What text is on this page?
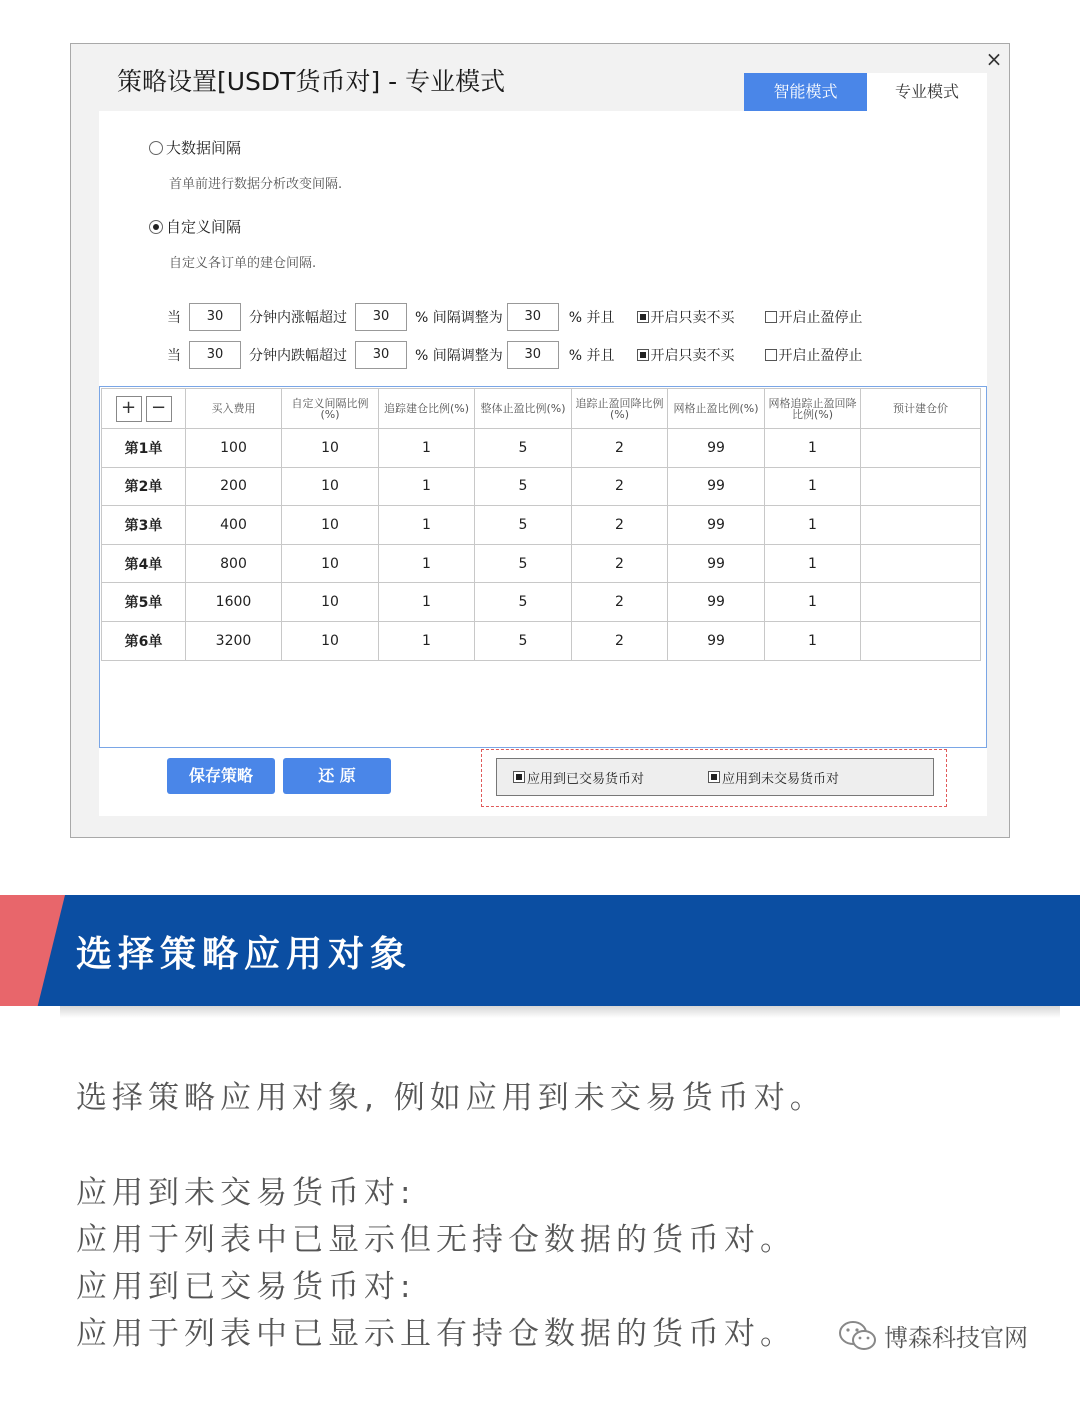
策略设置[USDT货币对] - 专业模式
×
智能模式	专业模式
大数据间隔
首单前进行数据分析改变间隔.
自定义间隔
自定义各订单的建仓间隔.
当	30	分钟内涨幅超过	30	% 间隔调整为	30	% 并且	开启只卖不买	开启止盈停止
当	30	分钟内跌幅超过	30	% 间隔调整为	30	% 并且	开启只卖不买	开启止盈停止
+ −	买入费用	自定义间隔比例(%)	追踪建仓比例(%)	整体止盈比例(%)	追踪止盈回降比例(%)	网格止盈比例(%)	网格追踪止盈回降比例(%)	预计建仓价
第1单	100	10	1	5	2	99	1	
第2单	200	10	1	5	2	99	1	
第3单	400	10	1	5	2	99	1	
第4单	800	10	1	5	2	99	1	
第5单	1600	10	1	5	2	99	1	
第6单	3200	10	1	5	2	99	1	
保存策略	还 原	应用到已交易货币对	应用到未交易货币对
选择策略应用对象
选择策略应用对象, 例如应用到未交易货币对。
应用到未交易货币对:
应用于列表中已显示但无持仓数据的货币对。
应用到已交易货币对:
应用于列表中已显示且有持仓数据的货币对。	博森科技官网
